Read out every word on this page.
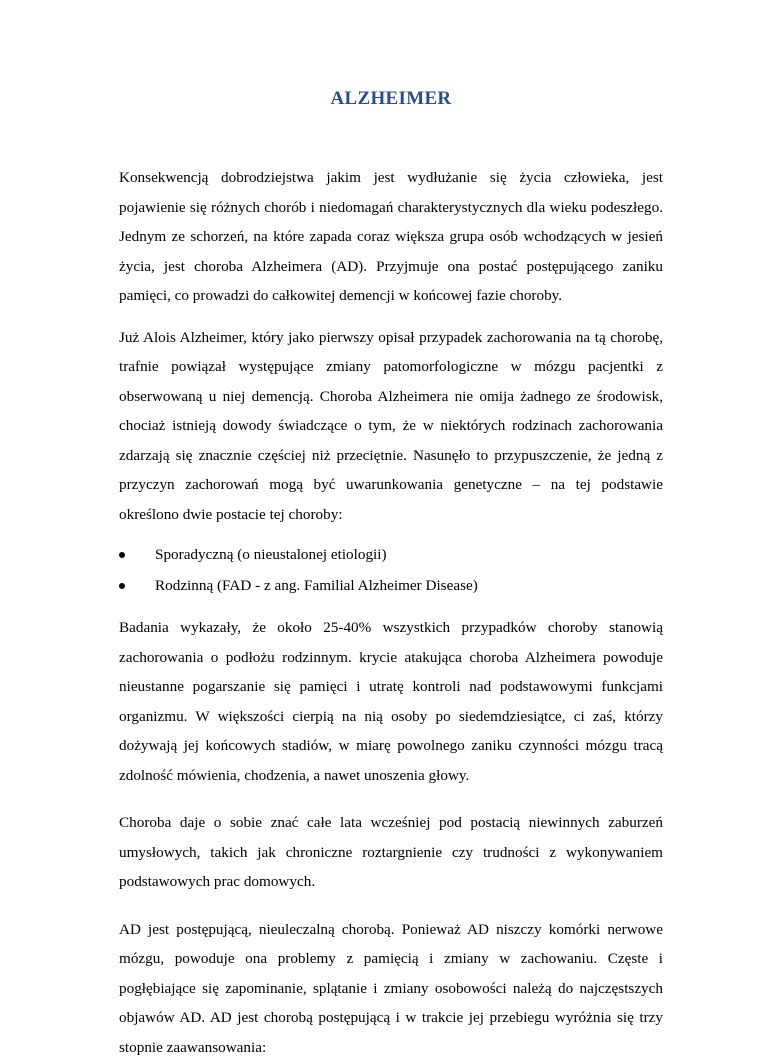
ALZHEIMER

Konsekwencją dobrodziejstwa jakim jest wydłużanie się życia człowieka, jest pojawienie się różnych chorób i niedomagań charakterystycznych dla wieku podeszłego. Jednym ze schorzeń, na które zapada coraz większa grupa osób wchodzących w jesień życia, jest choroba Alzheimera (AD). Przyjmuje ona postać postępującego zaniku pamięci, co prowadzi do całkowitej demencji w końcowej fazie choroby.

Już Alois Alzheimer, który jako pierwszy opisał przypadek zachorowania na tą chorobę, trafnie powiązał występujące zmiany patomorfologiczne w mózgu pacjentki z obserwowaną u niej demencją. Choroba Alzheimera nie omija żadnego ze środowisk, chociaż istnieją dowody świadczące o tym, że w niektórych rodzinach zachorowania zdarzają się znacznie częściej niż przeciętnie. Nasunęło to przypuszczenie, że jedną z przyczyn zachorowań mogą być uwarunkowania genetyczne – na tej podstawie określono dwie postacie tej choroby:

Sporadyczną (o nieustalonej etiologii)
Rodzinną (FAD - z ang. Familial Alzheimer Disease)

Badania wykazały, że około 25-40% wszystkich przypadków choroby stanowią zachorowania o podłożu rodzinnym. krycie atakująca choroba Alzheimera powoduje nieustanne pogarszanie się pamięci i utratę kontroli nad podstawowymi funkcjami organizmu. W większości cierpią na nią osoby po siedemdziesiątce, ci zaś, którzy dożywają jej końcowych stadiów, w miarę powolnego zaniku czynności mózgu tracą zdolność mówienia, chodzenia, a nawet unoszenia głowy.

Choroba daje o sobie znać całe lata wcześniej pod postacią niewinnych zaburzeń umysłowych, takich jak chroniczne roztargnienie czy trudności z wykonywaniem podstawowych prac domowych.

AD jest postępującą, nieuleczalną chorobą. Ponieważ AD niszczy komórki nerwowe mózgu, powoduje ona problemy z pamięcią i zmiany w zachowaniu. Częste i pogłębiające się zapominanie, splątanie i zmiany osobowości należą do najczęstszych objawów AD. AD jest chorobą postępującą i w trakcie jej przebiegu wyróżnia się trzy stopnie zaawansowania:
